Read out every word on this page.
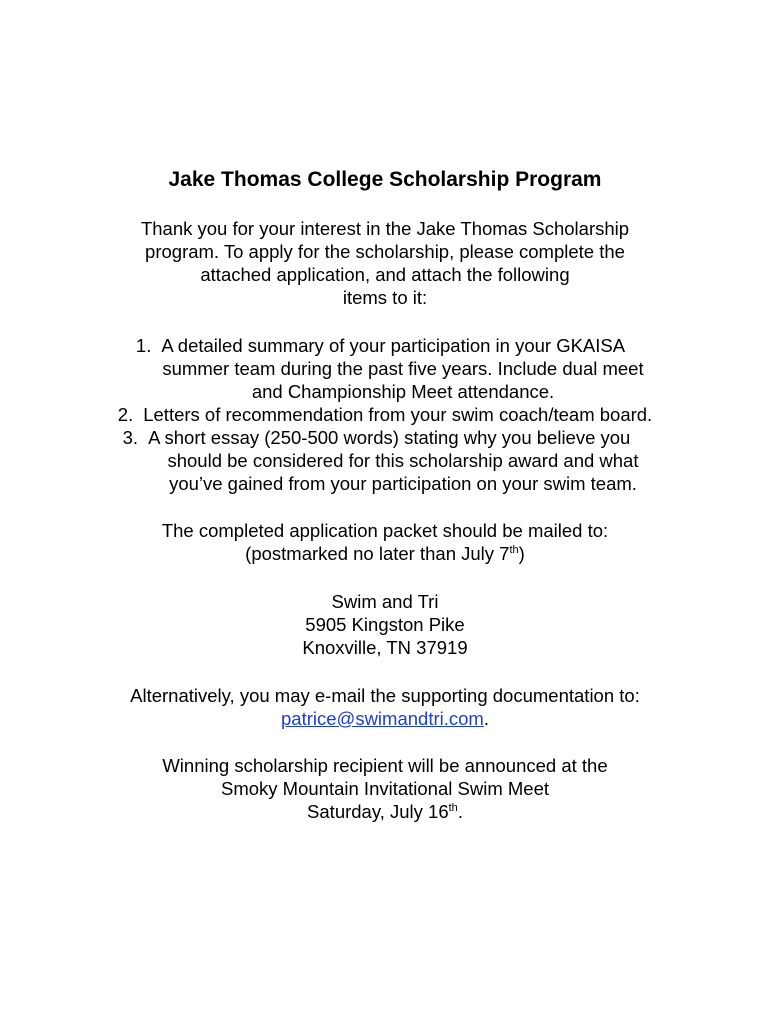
Jake Thomas College Scholarship Program
Thank you for your interest in the Jake Thomas Scholarship
program. To apply for the scholarship, please complete the
attached application, and attach the following
items to it:
1. A detailed summary of your participation in your GKAISA
summer team during the past five years. Include dual meet
and Championship Meet attendance.
2. Letters of recommendation from your swim coach/team board.
3. A short essay (250-500 words) stating why you believe you
should be considered for this scholarship award and what
you’ve gained from your participation on your swim team.
The completed application packet should be mailed to:
(postmarked no later than July 7th)
Swim and Tri
5905 Kingston Pike
Knoxville, TN 37919
Alternatively, you may e-mail the supporting documentation to:
patrice@swimandtri.com.
Winning scholarship recipient will be announced at the
Smoky Mountain Invitational Swim Meet
Saturday, July 16th.
